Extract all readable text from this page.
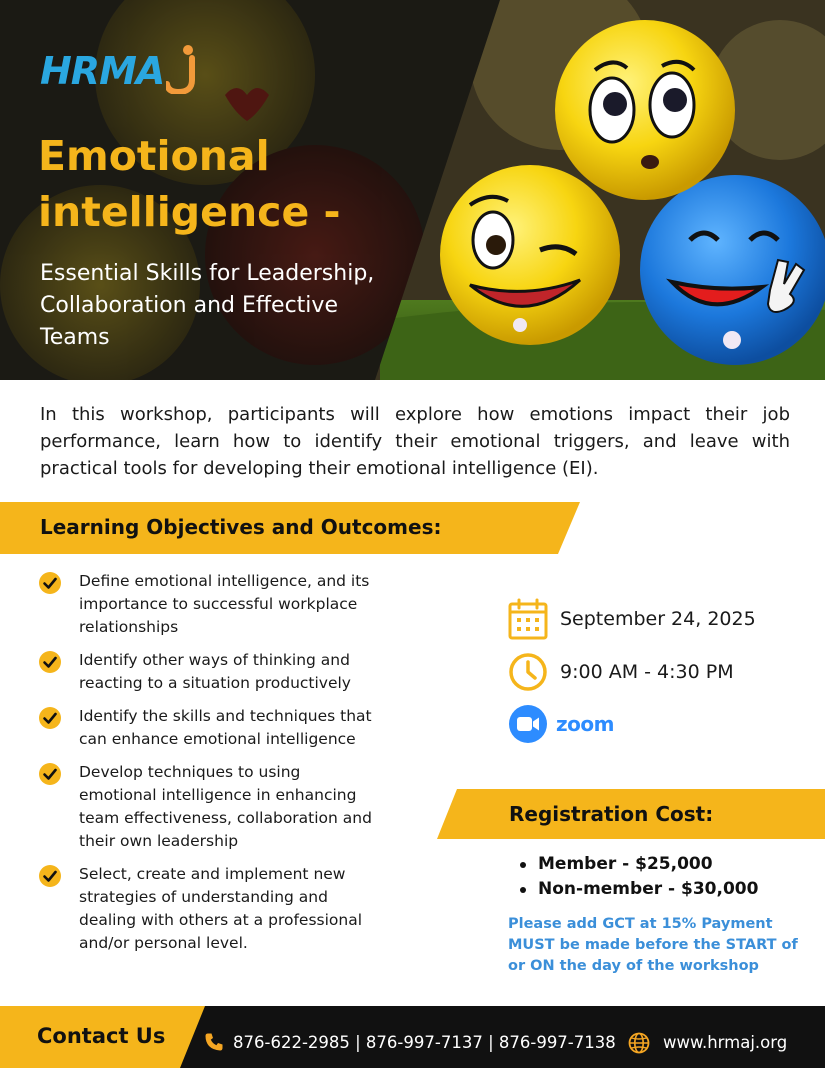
HRMA
Emotional intelligence -
Essential Skills for Leadership, Collaboration and Effective Teams

In this workshop, participants will explore how emotions impact their job performance, learn how to identify their emotional triggers, and leave with practical tools for developing their emotional intelligence (EI).

Learning Objectives and Outcomes:
Define emotional intelligence, and its importance to successful workplace relationships
Identify other ways of thinking and reacting to a situation productively
Identify the skills and techniques that can enhance emotional intelligence
Develop techniques to using emotional intelligence in enhancing team effectiveness, collaboration and their own leadership
Select, create and implement new strategies of understanding and dealing with others at a professional and/or personal level.
September 24, 2025
9:00 AM - 4:30 PM
zoom
Registration Cost:
Member - $25,000
Non-member - $30,000

Please add GCT at 15% Payment MUST be made before the START of or ON the day of the workshop

Contact Us	876-622-2985 | 876-997-7137 | 876-997-7138	www.hrmaj.org
